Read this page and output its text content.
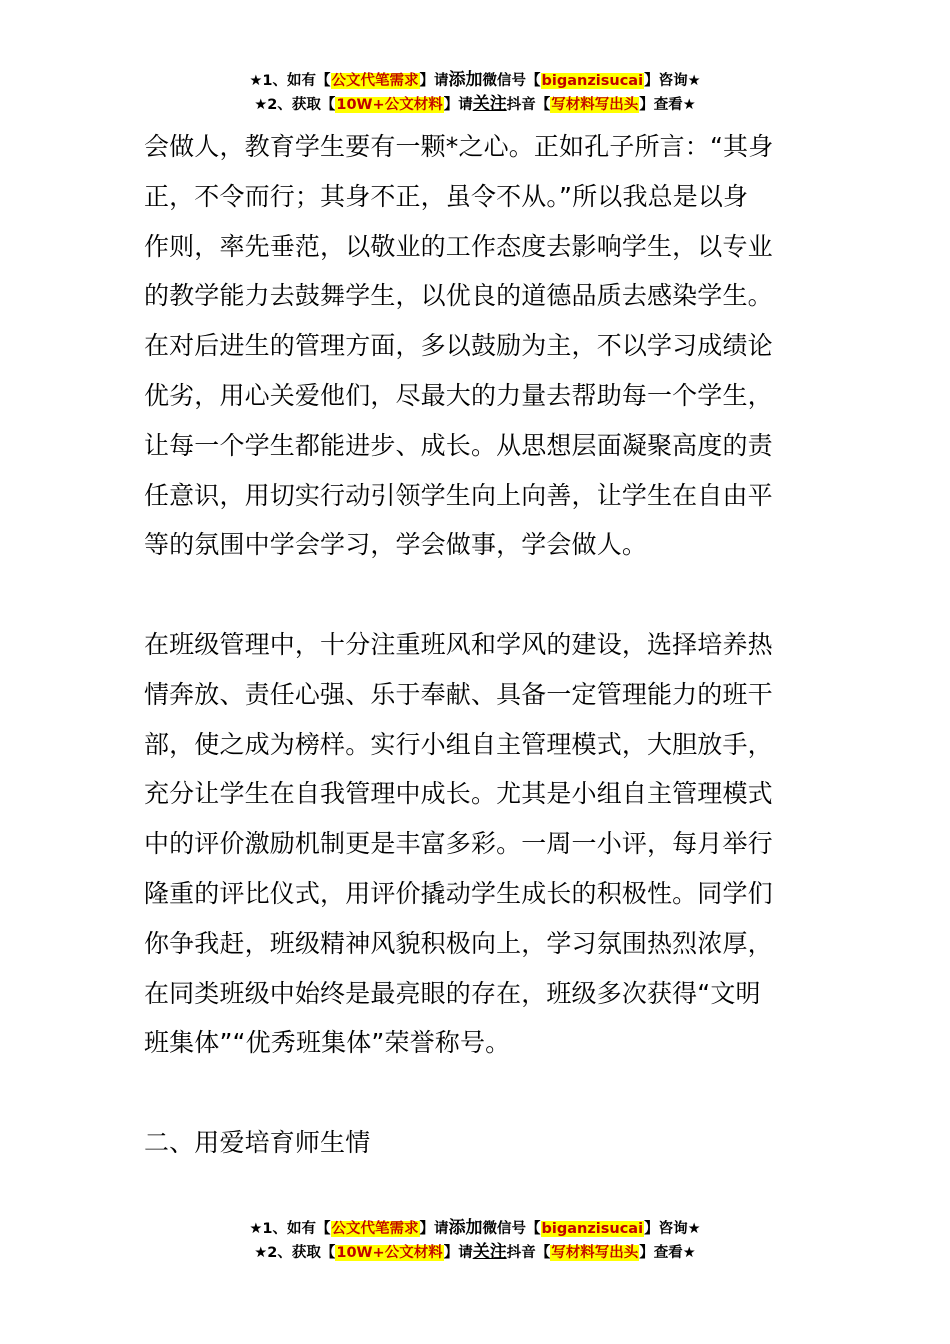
★1、如有【公文代笔需求】请添加微信号【biganzisucai】咨询★
★2、获取【10W+公文材料】请关注抖音【写材料写出头】查看★
会做人，教育学生要有一颗*之心。正如孔子所言：“其身
正，不令而行；其身不正，虽令不从。”所以我总是以身
作则，率先垂范，以敬业的工作态度去影响学生，以专业
的教学能力去鼓舞学生，以优良的道德品质去感染学生。
在对后进生的管理方面，多以鼓励为主，不以学习成绩论
优劣，用心关爱他们，尽最大的力量去帮助每一个学生，
让每一个学生都能进步、成长。从思想层面凝聚高度的责
任意识，用切实行动引领学生向上向善，让学生在自由平
等的氛围中学会学习，学会做事，学会做人。
在班级管理中，十分注重班风和学风的建设，选择培养热
情奔放、责任心强、乐于奉献、具备一定管理能力的班干
部，使之成为榜样。实行小组自主管理模式，大胆放手，
充分让学生在自我管理中成长。尤其是小组自主管理模式
中的评价激励机制更是丰富多彩。一周一小评，每月举行
隆重的评比仪式，用评价撬动学生成长的积极性。同学们
你争我赶，班级精神风貌积极向上，学习氛围热烈浓厚，
在同类班级中始终是最亮眼的存在，班级多次获得“文明
班集体”“优秀班集体”荣誉称号。
二、用爱培育师生情
★1、如有【公文代笔需求】请添加微信号【biganzisucai】咨询★
★2、获取【10W+公文材料】请关注抖音【写材料写出头】查看★
